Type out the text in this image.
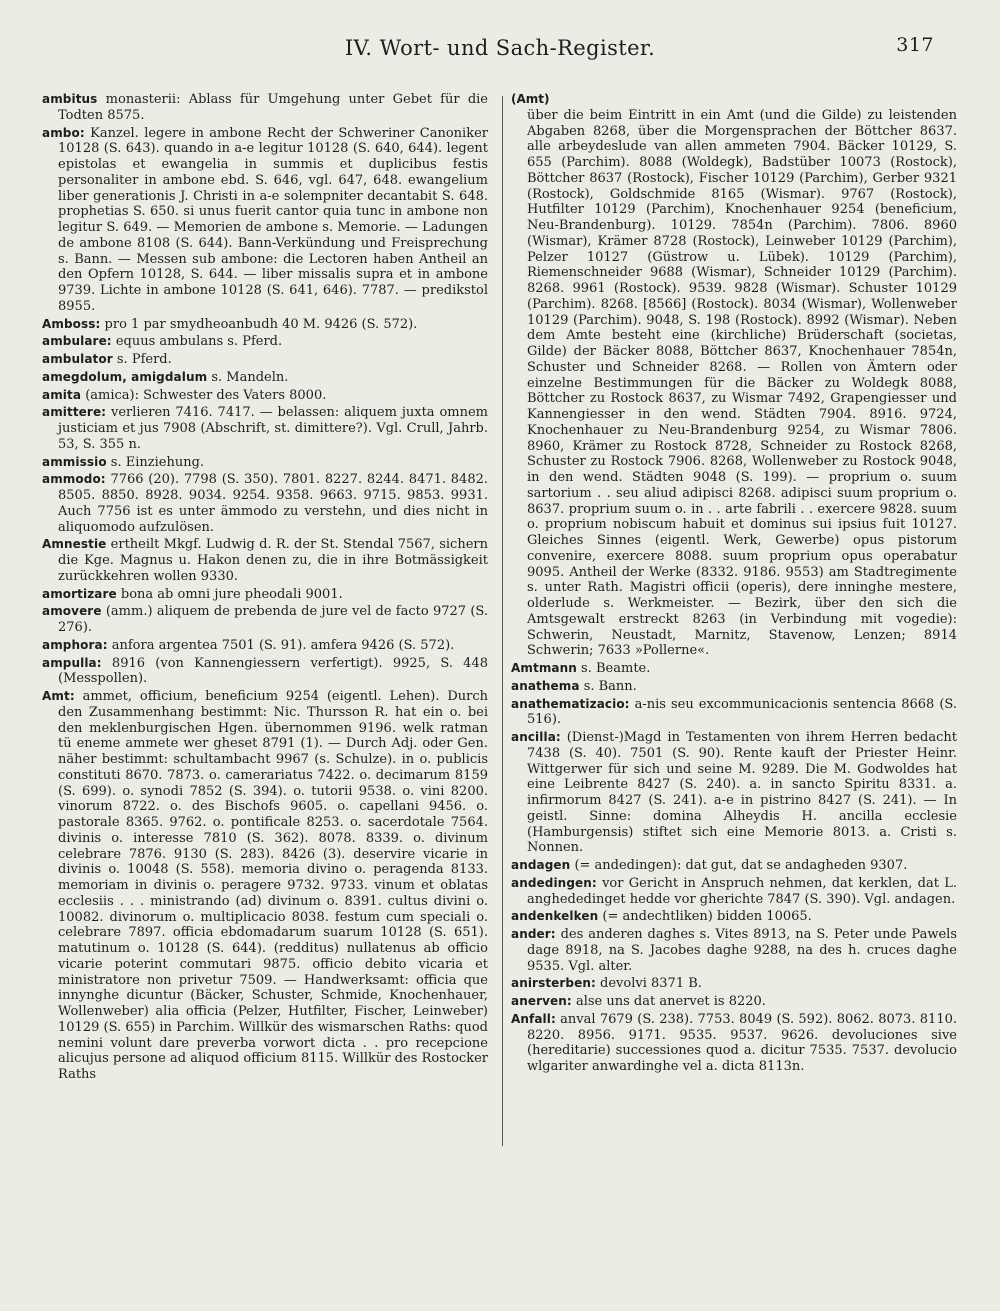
IV. Wort- und Sach-Register.	317
ambitus monasterii: Ablass für Umgehung unter Gebet für die Todten 8575.
ambo: Kanzel. legere in ambone Recht der Schweriner Canoniker 10128 (S. 643). quando in a-e legitur 10128 (S. 640, 644). legent epistolas et ewangelia in summis et duplicibus festis personaliter in ambone ebd. S. 646, vgl. 647, 648. ewangelium liber generationis J. Christi in a-e solempniter decantabit S. 648. prophetias S. 650. si unus fuerit cantor quia tunc in ambone non legitur S. 649. — Memorien de ambone s. Memorie. — Ladungen de ambone 8108 (S. 644). Bann-Verkündung und Freisprechung s. Bann. — Messen sub ambone: die Lectoren haben Antheil an den Opfern 10128, S. 644. — liber missalis supra et in ambone 9739. Lichte in ambone 10128 (S. 641, 646). 7787. — predikstol 8955.
Amboss: pro 1 par smydheoanbudh 40 M. 9426 (S. 572).
ambulare: equus ambulans s. Pferd.
ambulator s. Pferd.
amegdolum, amigdalum s. Mandeln.
amita (amica): Schwester des Vaters 8000.
amittere: verlieren 7416. 7417. — belassen: aliquem juxta omnem justiciam et jus 7908 (Abschrift, st. dimittere?). Vgl. Crull, Jahrb. 53, S. 355 n.
ammissio s. Einziehung.
ammodo: 7766 (20). 7798 (S. 350). 7801. 8227. 8244. 8471. 8482. 8505. 8850. 8928. 9034. 9254. 9358. 9663. 9715. 9853. 9931. Auch 7756 ist es unter ämmodo zu verstehn, und dies nicht in aliquomodo aufzulösen.
Amnestie ertheilt Mkgf. Ludwig d. R. der St. Stendal 7567, sichern die Kge. Magnus u. Hakon denen zu, die in ihre Botmässigkeit zurückkehren wollen 9330.
amortizare bona ab omni jure pheodali 9001.
amovere (amm.) aliquem de prebenda de jure vel de facto 9727 (S. 276).
amphora: anfora argentea 7501 (S. 91). amfera 9426 (S. 572).
ampulla: 8916 (von Kannengiessern verfertigt). 9925, S. 448 (Messpollen).
Amt: ammet, officium, beneficium 9254 (eigentl. Lehen). Durch den Zusammenhang bestimmt: Nic. Thursson R. hat ein o. bei den meklenburgischen Hgen. übernommen 9196. welk ratman tü eneme ammete wer gheset 8791 (1). — Durch Adj. oder Gen. näher bestimmt: schultambacht 9967 (s. Schulze). in o. publicis constituti 8670. 7873. o. camerariatus 7422. o. decimarum 8159 (S. 699). o. synodi 7852 (S. 394). o. tutorii 9538. o. vini 8200. vinorum 8722. o. des Bischofs 9605. o. capellani 9456. o. pastorale 8365. 9762. o. pontificale 8253. o. sacerdotale 7564. divinis o. interesse 7810 (S. 362). 8078. 8339. o. divinum celebrare 7876. 9130 (S. 283). 8426 (3). deservire vicarie in divinis o. 10048 (S. 558). memoria divino o. peragenda 8133. memoriam in divinis o. peragere 9732. 9733. vinum et oblatas ecclesiis . . . ministrando (ad) divinum o. 8391. cultus divini o. 10082. divinorum o. multiplicacio 8038. festum cum speciali o. celebrare 7897. officia ebdomadarum suarum 10128 (S. 651). matutinum o. 10128 (S. 644). (redditus) nullatenus ab officio vicarie poterint commutari 9875. officio debito vicaria et ministratore non privetur 7509. — Handwerksamt: officia que innynghe dicuntur (Bäcker, Schuster, Schmide, Knochenhauer, Wollenweber) alia officia (Pelzer, Hutfilter, Fischer, Leinweber) 10129 (S. 655) in Parchim. Willkür des wismarschen Raths: quod nemini volunt dare preverba vorwort dicta . . pro recepcione alicujus persone ad aliquod officium 8115. Willkür des Rostocker Raths
(Amt)
über die beim Eintritt in ein Amt (und die Gilde) zu leistenden Abgaben 8268, über die Morgensprachen der Böttcher 8637. alle arbeydeslude van allen ammeten 7904. Bäcker 10129, S. 655 (Parchim). 8088 (Woldegk), Badstüber 10073 (Rostock), Böttcher 8637 (Rostock), Fischer 10129 (Parchim), Gerber 9321 (Rostock), Goldschmide 8165 (Wismar). 9767 (Rostock), Hutfilter 10129 (Parchim), Knochenhauer 9254 (beneficium, Neu-Brandenburg). 10129. 7854n (Parchim). 7806. 8960 (Wismar), Krämer 8728 (Rostock), Leinweber 10129 (Parchim), Pelzer 10127 (Güstrow u. Lübek). 10129 (Parchim), Riemenschneider 9688 (Wismar), Schneider 10129 (Parchim). 8268. 9961 (Rostock). 9539. 9828 (Wismar). Schuster 10129 (Parchim). 8268. [8566] (Rostock). 8034 (Wismar), Wollenweber 10129 (Parchim). 9048, S. 198 (Rostock). 8992 (Wismar). Neben dem Amte besteht eine (kirchliche) Brüderschaft (societas, Gilde) der Bäcker 8088, Böttcher 8637, Knochenhauer 7854n, Schuster und Schneider 8268. — Rollen von Ämtern oder einzelne Bestimmungen für die Bäcker zu Woldegk 8088, Böttcher zu Rostock 8637, zu Wismar 7492, Grapengiesser und Kannengiesser in den wend. Städten 7904. 8916. 9724, Knochenhauer zu Neu-Brandenburg 9254, zu Wismar 7806. 8960, Krämer zu Rostock 8728, Schneider zu Rostock 8268, Schuster zu Rostock 7906. 8268, Wollenweber zu Rostock 9048, in den wend. Städten 9048 (S. 199). — proprium o. suum sartorium . . seu aliud adipisci 8268. adipisci suum proprium o. 8637. proprium suum o. in . . arte fabrili . . exercere 9828. suum o. proprium nobiscum habuit et dominus sui ipsius fuit 10127. Gleiches Sinnes (eigentl. Werk, Gewerbe) opus pistorum convenire, exercere 8088. suum proprium opus operabatur 9095. Antheil der Werke (8332. 9186. 9553) am Stadtregimente s. unter Rath. Magistri officii (operis), dere inninghe mestere, olderlude s. Werkmeister. — Bezirk, über den sich die Amtsgewalt erstreckt 8263 (in Verbindung mit vogedie): Schwerin, Neustadt, Marnitz, Stavenow, Lenzen; 8914 Schwerin; 7633 »Pollerne«.
Amtmann s. Beamte.
anathema s. Bann.
anathematizacio: a-nis seu excommunicacionis sentencia 8668 (S. 516).
ancilla: (Dienst-)Magd in Testamenten von ihrem Herren bedacht 7438 (S. 40). 7501 (S. 90). Rente kauft der Priester Heinr. Wittgerwer für sich und seine M. 9289. Die M. Godwoldes hat eine Leibrente 8427 (S. 240). a. in sancto Spiritu 8331. a. infirmorum 8427 (S. 241). a-e in pistrino 8427 (S. 241). — In geistl. Sinne: domina Alheydis H. ancilla ecclesie (Hamburgensis) stiftet sich eine Memorie 8013. a. Cristi s. Nonnen.
andagen (= andedingen): dat gut, dat se andagheden 9307.
andedingen: vor Gericht in Anspruch nehmen, dat kerklen, dat L. anghededinget hedde vor gherichte 7847 (S. 390). Vgl. andagen.
andenkelken (= andechtliken) bidden 10065.
ander: des anderen daghes s. Vites 8913, na S. Peter unde Pawels dage 8918, na S. Jacobes daghe 9288, na des h. cruces daghe 9535. Vgl. alter.
anirsterben: devolvi 8371 B.
anerven: alse uns dat anervet is 8220.
Anfall: anval 7679 (S. 238). 7753. 8049 (S. 592). 8062. 8073. 8110. 8220. 8956. 9171. 9535. 9537. 9626. devoluciones sive (hereditarie) successiones quod a. dicitur 7535. 7537. devolucio wlgariter anwardinghe vel a. dicta 8113n.
